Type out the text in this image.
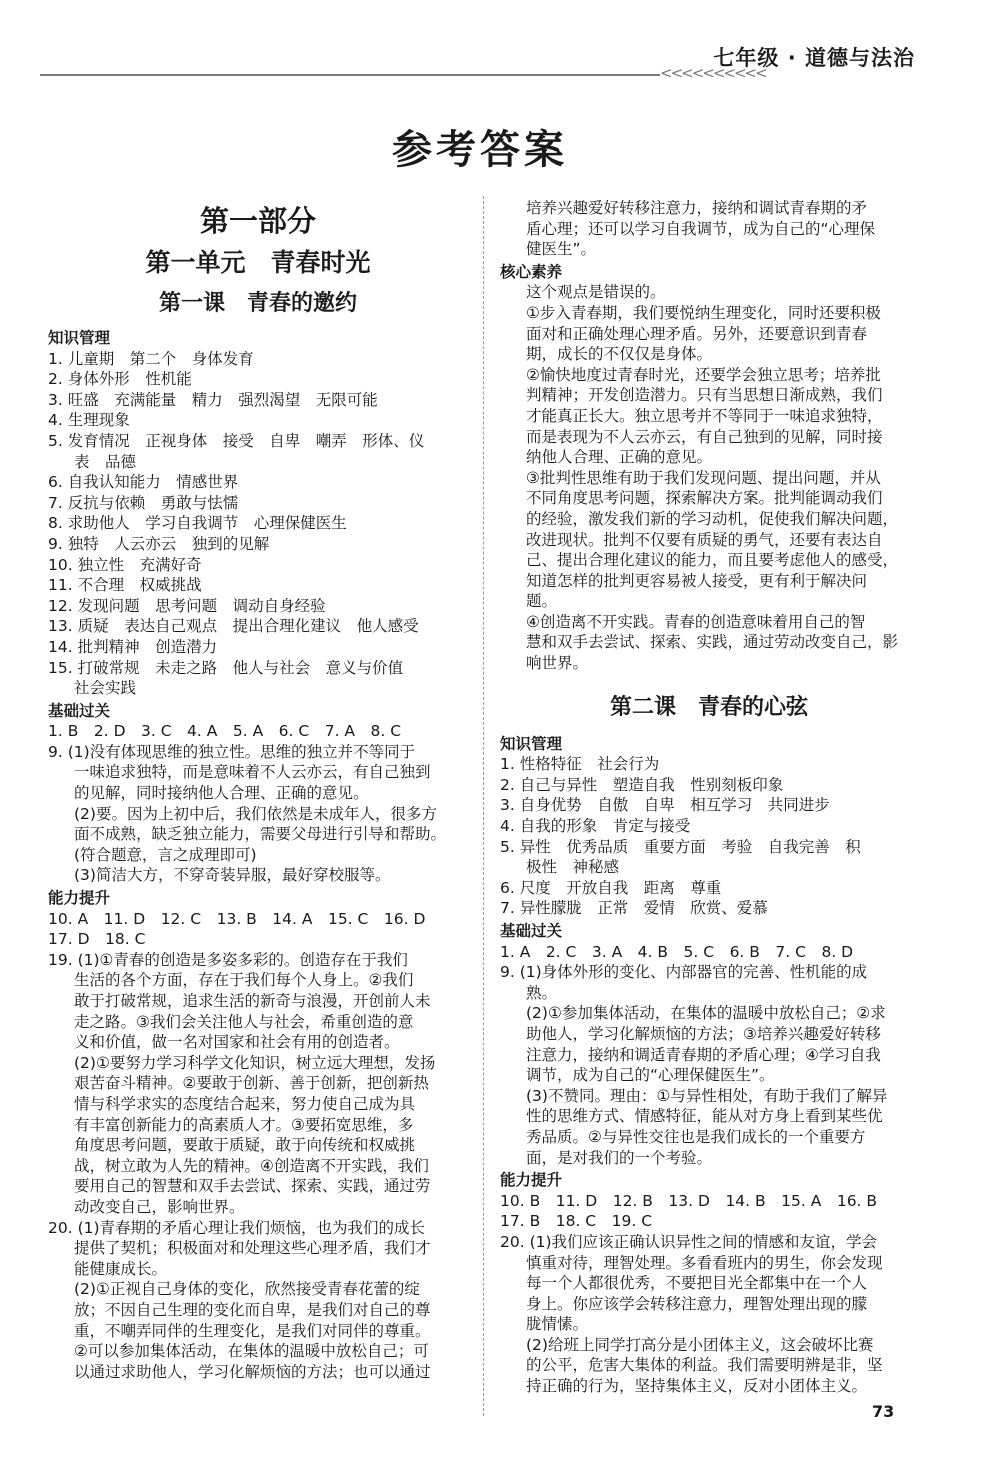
<<<<<<<<<<
七年级 · 道德与法治
参考答案
第一部分
第一单元　青春时光
第一课　青春的邀约
知识管理
1. 儿童期　第二个　身体发育
2. 身体外形　性机能
3. 旺盛　充满能量　精力　强烈渴望　无限可能
4. 生理现象
5. 发育情况　正视身体　接受　自卑　嘲弄　形体、仪
表　品德
6. 自我认知能力　情感世界
7. 反抗与依赖　勇敢与怯懦
8. 求助他人　学习自我调节　心理保健医生
9. 独特　人云亦云　独到的见解
10. 独立性　充满好奇
11. 不合理　权威挑战
12. 发现问题　思考问题　调动自身经验
13. 质疑　表达自己观点　提出合理化建议　他人感受
14. 批判精神　创造潜力
15. 打破常规　未走之路　他人与社会　意义与价值
社会实践
基础过关
1. B　2. D　3. C　4. A　5. A　6. C　7. A　8. C
9. (1)没有体现思维的独立性。思维的独立并不等同于
一味追求独特，而是意味着不人云亦云，有自己独到
的见解，同时接纳他人合理、正确的意见。
(2)要。因为上初中后，我们依然是未成年人，很多方
面不成熟，缺乏独立能力，需要父母进行引导和帮助。
(符合题意，言之成理即可)
(3)简洁大方，不穿奇装异服，最好穿校服等。
能力提升
10. A　11. D　12. C　13. B　14. A　15. C　16. D
17. D　18. C
19. (1)①青春的创造是多姿多彩的。创造存在于我们
生活的各个方面，存在于我们每个人身上。②我们
敢于打破常规，追求生活的新奇与浪漫，开创前人未
走之路。③我们会关注他人与社会，希重创造的意
义和价值，做一名对国家和社会有用的创造者。
(2)①要努力学习科学文化知识，树立远大理想，发扬
艰苦奋斗精神。②要敢于创新、善于创新，把创新热
情与科学求实的态度结合起来，努力使自己成为具
有丰富创新能力的高素质人才。③要拓宽思维，多
角度思考问题，要敢于质疑，敢于向传统和权威挑
战，树立敢为人先的精神。④创造离不开实践，我们
要用自己的智慧和双手去尝试、探索、实践，通过劳
动改变自己，影响世界。
20. (1)青春期的矛盾心理让我们烦恼，也为我们的成长
提供了契机；积极面对和处理这些心理矛盾，我们才
能健康成长。
(2)①正视自己身体的变化，欣然接受青春花蕾的绽
放；不因自己生理的变化而自卑，是我们对自己的尊
重，不嘲弄同伴的生理变化，是我们对同伴的尊重。
②可以参加集体活动，在集体的温暖中放松自己；可
以通过求助他人，学习化解烦恼的方法；也可以通过
培养兴趣爱好转移注意力，接纳和调试青春期的矛
盾心理；还可以学习自我调节，成为自己的“心理保
健医生”。
核心素养
这个观点是错误的。
①步入青春期，我们要悦纳生理变化，同时还要积极
面对和正确处理心理矛盾。另外，还要意识到青春
期，成长的不仅仅是身体。
②愉快地度过青春时光，还要学会独立思考；培养批
判精神；开发创造潜力。只有当思想日渐成熟，我们
才能真正长大。独立思考并不等同于一味追求独特，
而是表现为不人云亦云，有自己独到的见解，同时接
纳他人合理、正确的意见。
③批判性思维有助于我们发现问题、提出问题，并从
不同角度思考问题，探索解决方案。批判能调动我们
的经验，激发我们新的学习动机，促使我们解决问题，
改进现状。批判不仅要有质疑的勇气，还要有表达自
己、提出合理化建议的能力，而且要考虑他人的感受，
知道怎样的批判更容易被人接受，更有利于解决问
题。
④创造离不开实践。青春的创造意味着用自己的智
慧和双手去尝试、探索、实践，通过劳动改变自己，影
响世界。
第二课　青春的心弦
知识管理
1. 性格特征　社会行为
2. 自己与异性　塑造自我　性别刻板印象
3. 自身优势　自傲　自卑　相互学习　共同进步
4. 自我的形象　肯定与接受
5. 异性　优秀品质　重要方面　考验　自我完善　积
极性　神秘感
6. 尺度　开放自我　距离　尊重
7. 异性朦胧　正常　爱情　欣赏、爱慕
基础过关
1. A　2. C　3. A　4. B　5. C　6. B　7. C　8. D
9. (1)身体外形的变化、内部器官的完善、性机能的成
熟。
(2)①参加集体活动，在集体的温暖中放松自己；②求
助他人，学习化解烦恼的方法；③培养兴趣爱好转移
注意力，接纳和调适青春期的矛盾心理；④学习自我
调节，成为自己的“心理保健医生”。
(3)不赞同。理由：①与异性相处，有助于我们了解异
性的思维方式、情感特征，能从对方身上看到某些优
秀品质。②与异性交往也是我们成长的一个重要方
面，是对我们的一个考验。
能力提升
10. B　11. D　12. B　13. D　14. B　15. A　16. B
17. B　18. C　19. C
20. (1)我们应该正确认识异性之间的情感和友谊，学会
慎重对待，理智处理。多看看班内的男生，你会发现
每一个人都很优秀，不要把目光全都集中在一个人
身上。你应该学会转移注意力，理智处理出现的朦
胧情愫。
(2)给班上同学打高分是小团体主义，这会破坏比赛
的公平，危害大集体的利益。我们需要明辨是非，坚
持正确的行为，坚持集体主义，反对小团体主义。
73
